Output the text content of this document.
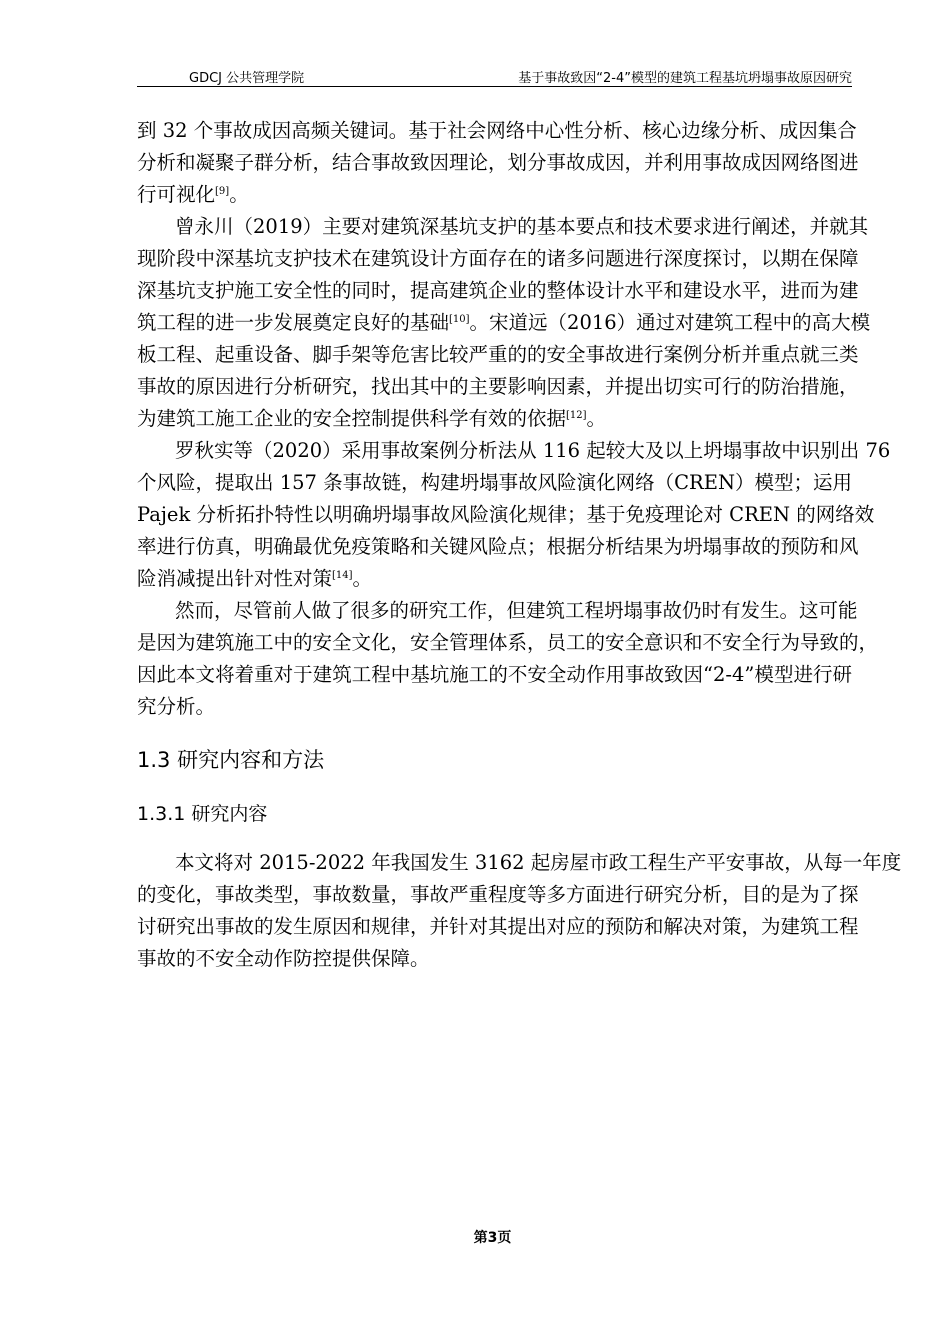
GDCJ 公共管理学院	基于事故致因“2-4”模型的建筑工程基坑坍塌事故原因研究
到 32 个事故成因高频关键词。基于社会网络中心性分析、核心边缘分析、成因集合
分析和凝聚子群分析，结合事故致因理论，划分事故成因，并利用事故成因网络图进
行可视化[9]。
曾永川（2019）主要对建筑深基坑支护的基本要点和技术要求进行阐述，并就其
现阶段中深基坑支护技术在建筑设计方面存在的诸多问题进行深度探讨，以期在保障
深基坑支护施工安全性的同时，提高建筑企业的整体设计水平和建设水平，进而为建
筑工程的进一步发展奠定良好的基础[10]。宋道远（2016）通过对建筑工程中的高大模
板工程、起重设备、脚手架等危害比较严重的的安全事故进行案例分析并重点就三类
事故的原因进行分析研究，找出其中的主要影响因素，并提出切实可行的防治措施，
为建筑工施工企业的安全控制提供科学有效的依据[12]。
罗秋实等（2020）采用事故案例分析法从 116 起较大及以上坍塌事故中识别出 76
个风险，提取出 157 条事故链，构建坍塌事故风险演化网络（CREN）模型；运用
Pajek 分析拓扑特性以明确坍塌事故风险演化规律；基于免疫理论对 CREN 的网络效
率进行仿真，明确最优免疫策略和关键风险点；根据分析结果为坍塌事故的预防和风
险消减提出针对性对策[14]。
然而，尽管前人做了很多的研究工作，但建筑工程坍塌事故仍时有发生。这可能
是因为建筑施工中的安全文化，安全管理体系，员工的安全意识和不安全行为导致的，
因此本文将着重对于建筑工程中基坑施工的不安全动作用事故致因“2-4”模型进行研
究分析。
1.3 研究内容和方法
1.3.1 研究内容
本文将对 2015-2022 年我国发生 3162 起房屋市政工程生产平安事故，从每一年度
的变化，事故类型，事故数量，事故严重程度等多方面进行研究分析，目的是为了探
讨研究出事故的发生原因和规律，并针对其提出对应的预防和解决对策，为建筑工程
事故的不安全动作防控提供保障。
第3页
